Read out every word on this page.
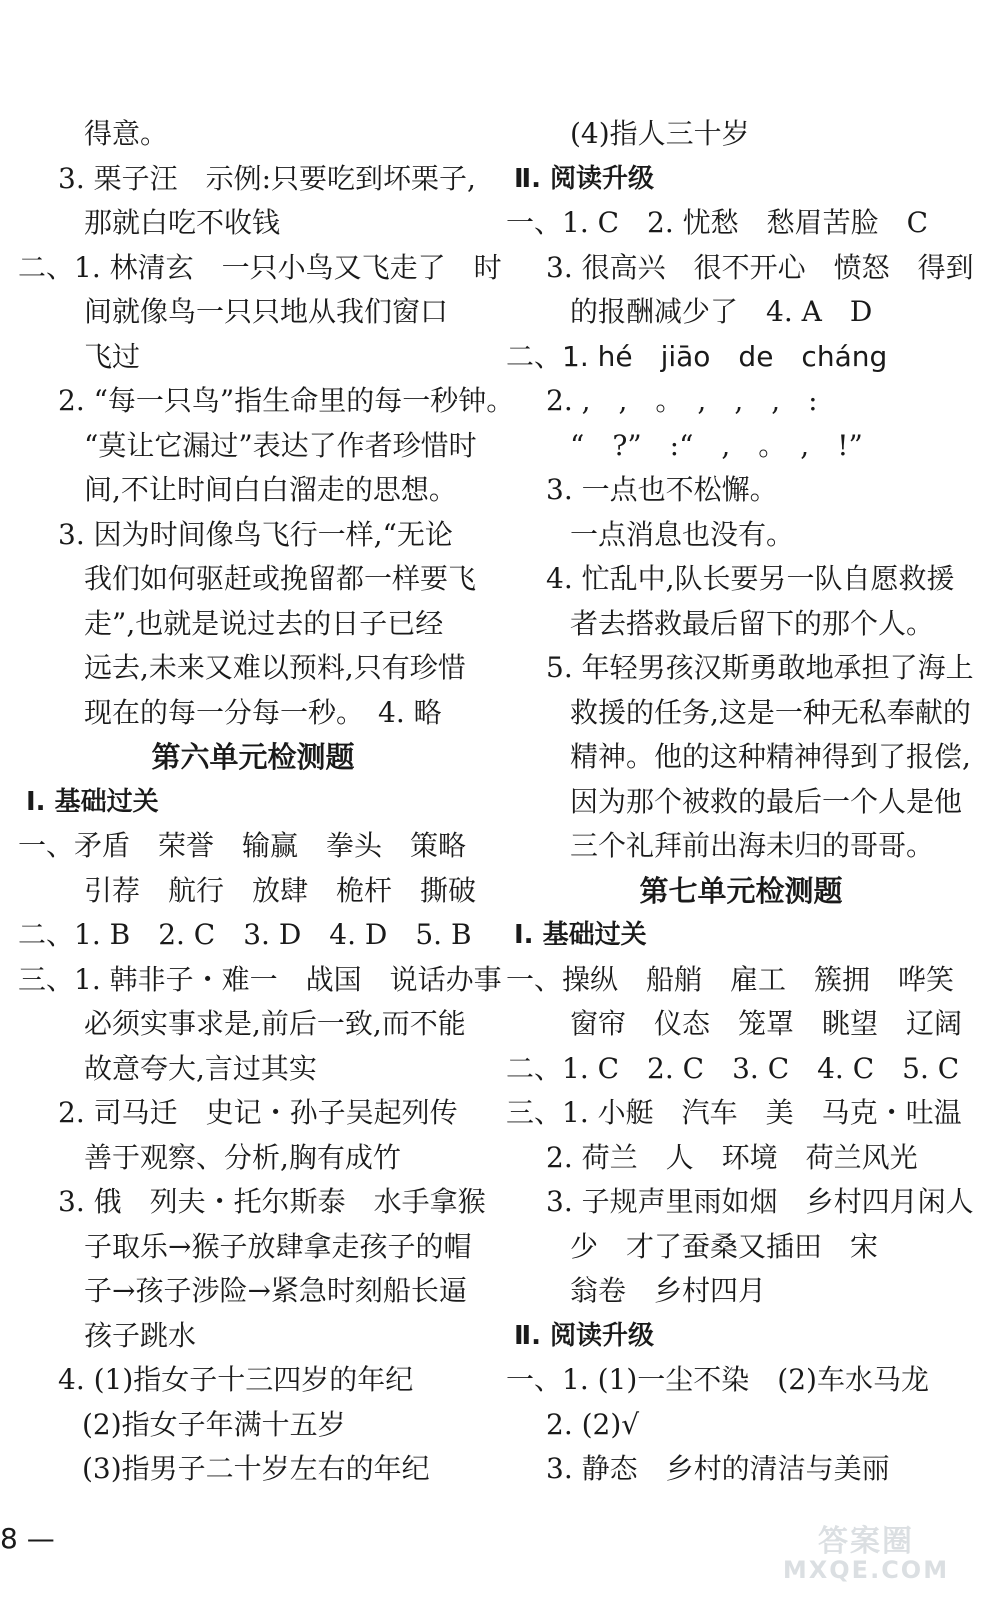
得意。
3. 栗子汪　示例:只要吃到坏栗子,
那就白吃不收钱
二、1. 林清玄　一只小鸟又飞走了　时
间就像鸟一只只地从我们窗口
飞过
2. “每一只鸟”指生命里的每一秒钟。
“莫让它漏过”表达了作者珍惜时
间,不让时间白白溜走的思想。
3. 因为时间像鸟飞行一样,“无论
我们如何驱赶或挽留都一样要飞
走”,也就是说过去的日子已经
远去,未来又难以预料,只有珍惜
现在的每一分每一秒。　4. 略
第六单元检测题
Ⅰ. 基础过关
一、矛盾　荣誉　输赢　拳头　策略
引荐　航行　放肆　桅杆　撕破
二、1. B　2. C　3. D　4. D　5. B
三、1. 韩非子・难一　战国　说话办事
必须实事求是,前后一致,而不能
故意夸大,言过其实
2. 司马迁　史记・孙子吴起列传
善于观察、分析,胸有成竹
3. 俄　列夫・托尔斯泰　水手拿猴
子取乐→猴子放肆拿走孩子的帽
子→孩子涉险→紧急时刻船长逼
孩子跳水
4. (1)指女子十三四岁的年纪
(2)指女子年满十五岁
(3)指男子二十岁左右的年纪
(4)指人三十岁
Ⅱ. 阅读升级
一、1. C　2. 忧愁　愁眉苦脸　C
3. 很高兴　很不开心　愤怒　得到
的报酬减少了　4. A　D
二、1. hé　jiāo　de　cháng
2. ,　,　。　,　,　,　:
“　?”　:“　,　。　,　!”
3. 一点也不松懈。
一点消息也没有。
4. 忙乱中,队长要另一队自愿救援
者去搭救最后留下的那个人。
5. 年轻男孩汉斯勇敢地承担了海上
救援的任务,这是一种无私奉献的
精神。他的这种精神得到了报偿,
因为那个被救的最后一个人是他
三个礼拜前出海未归的哥哥。
第七单元检测题
Ⅰ. 基础过关
一、操纵　船艄　雇工　簇拥　哗笑
窗帘　仪态　笼罩　眺望　辽阔
二、1. C　2. C　3. C　4. C　5. C
三、1. 小艇　汽车　美　马克・吐温
2. 荷兰　人　环境　荷兰风光
3. 子规声里雨如烟　乡村四月闲人
少　才了蚕桑又插田　宋
翁卷　乡村四月
Ⅱ. 阅读升级
一、1. (1)一尘不染　(2)车水马龙
2. (2)√
3. 静态　乡村的清洁与美丽
8 —	答案圈
MXQE.COM
